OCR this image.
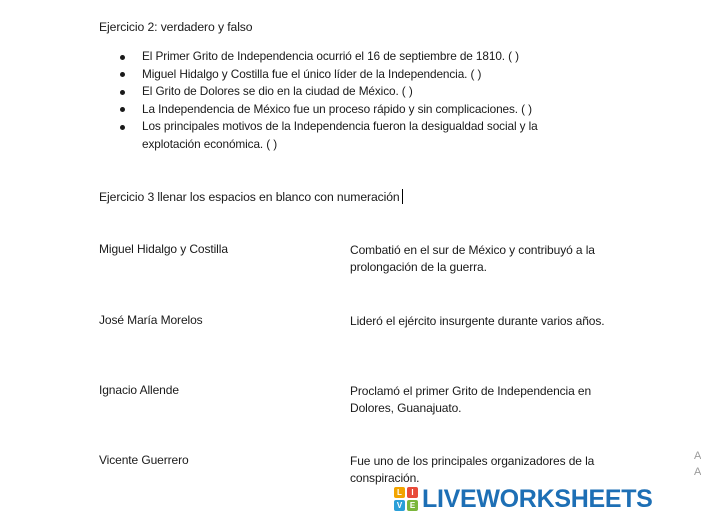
Ejercicio 2: verdadero y falso
El Primer Grito de Independencia ocurrió el 16 de septiembre de 1810. ( )
Miguel Hidalgo y Costilla fue el único líder de la Independencia. ( )
El Grito de Dolores se dio en la ciudad de México. ( )
La Independencia de México fue un proceso rápido y sin complicaciones. ( )
Los principales motivos de la Independencia fueron la desigualdad social y la explotación económica. ( )
Ejercicio 3 llenar los espacios en blanco con numeración
Miguel Hidalgo y Costilla	Combatió en el sur de México y contribuyó a la prolongación de la guerra.
José María Morelos	Lideró el ejército insurgente durante varios años.
Ignacio Allende	Proclamó el primer Grito de Independencia en Dolores, Guanajuato.
Vicente Guerrero	Fue uno de los principales organizadores de la conspiración.
A
A
L	I
V E LIVEWORKSHEETS
